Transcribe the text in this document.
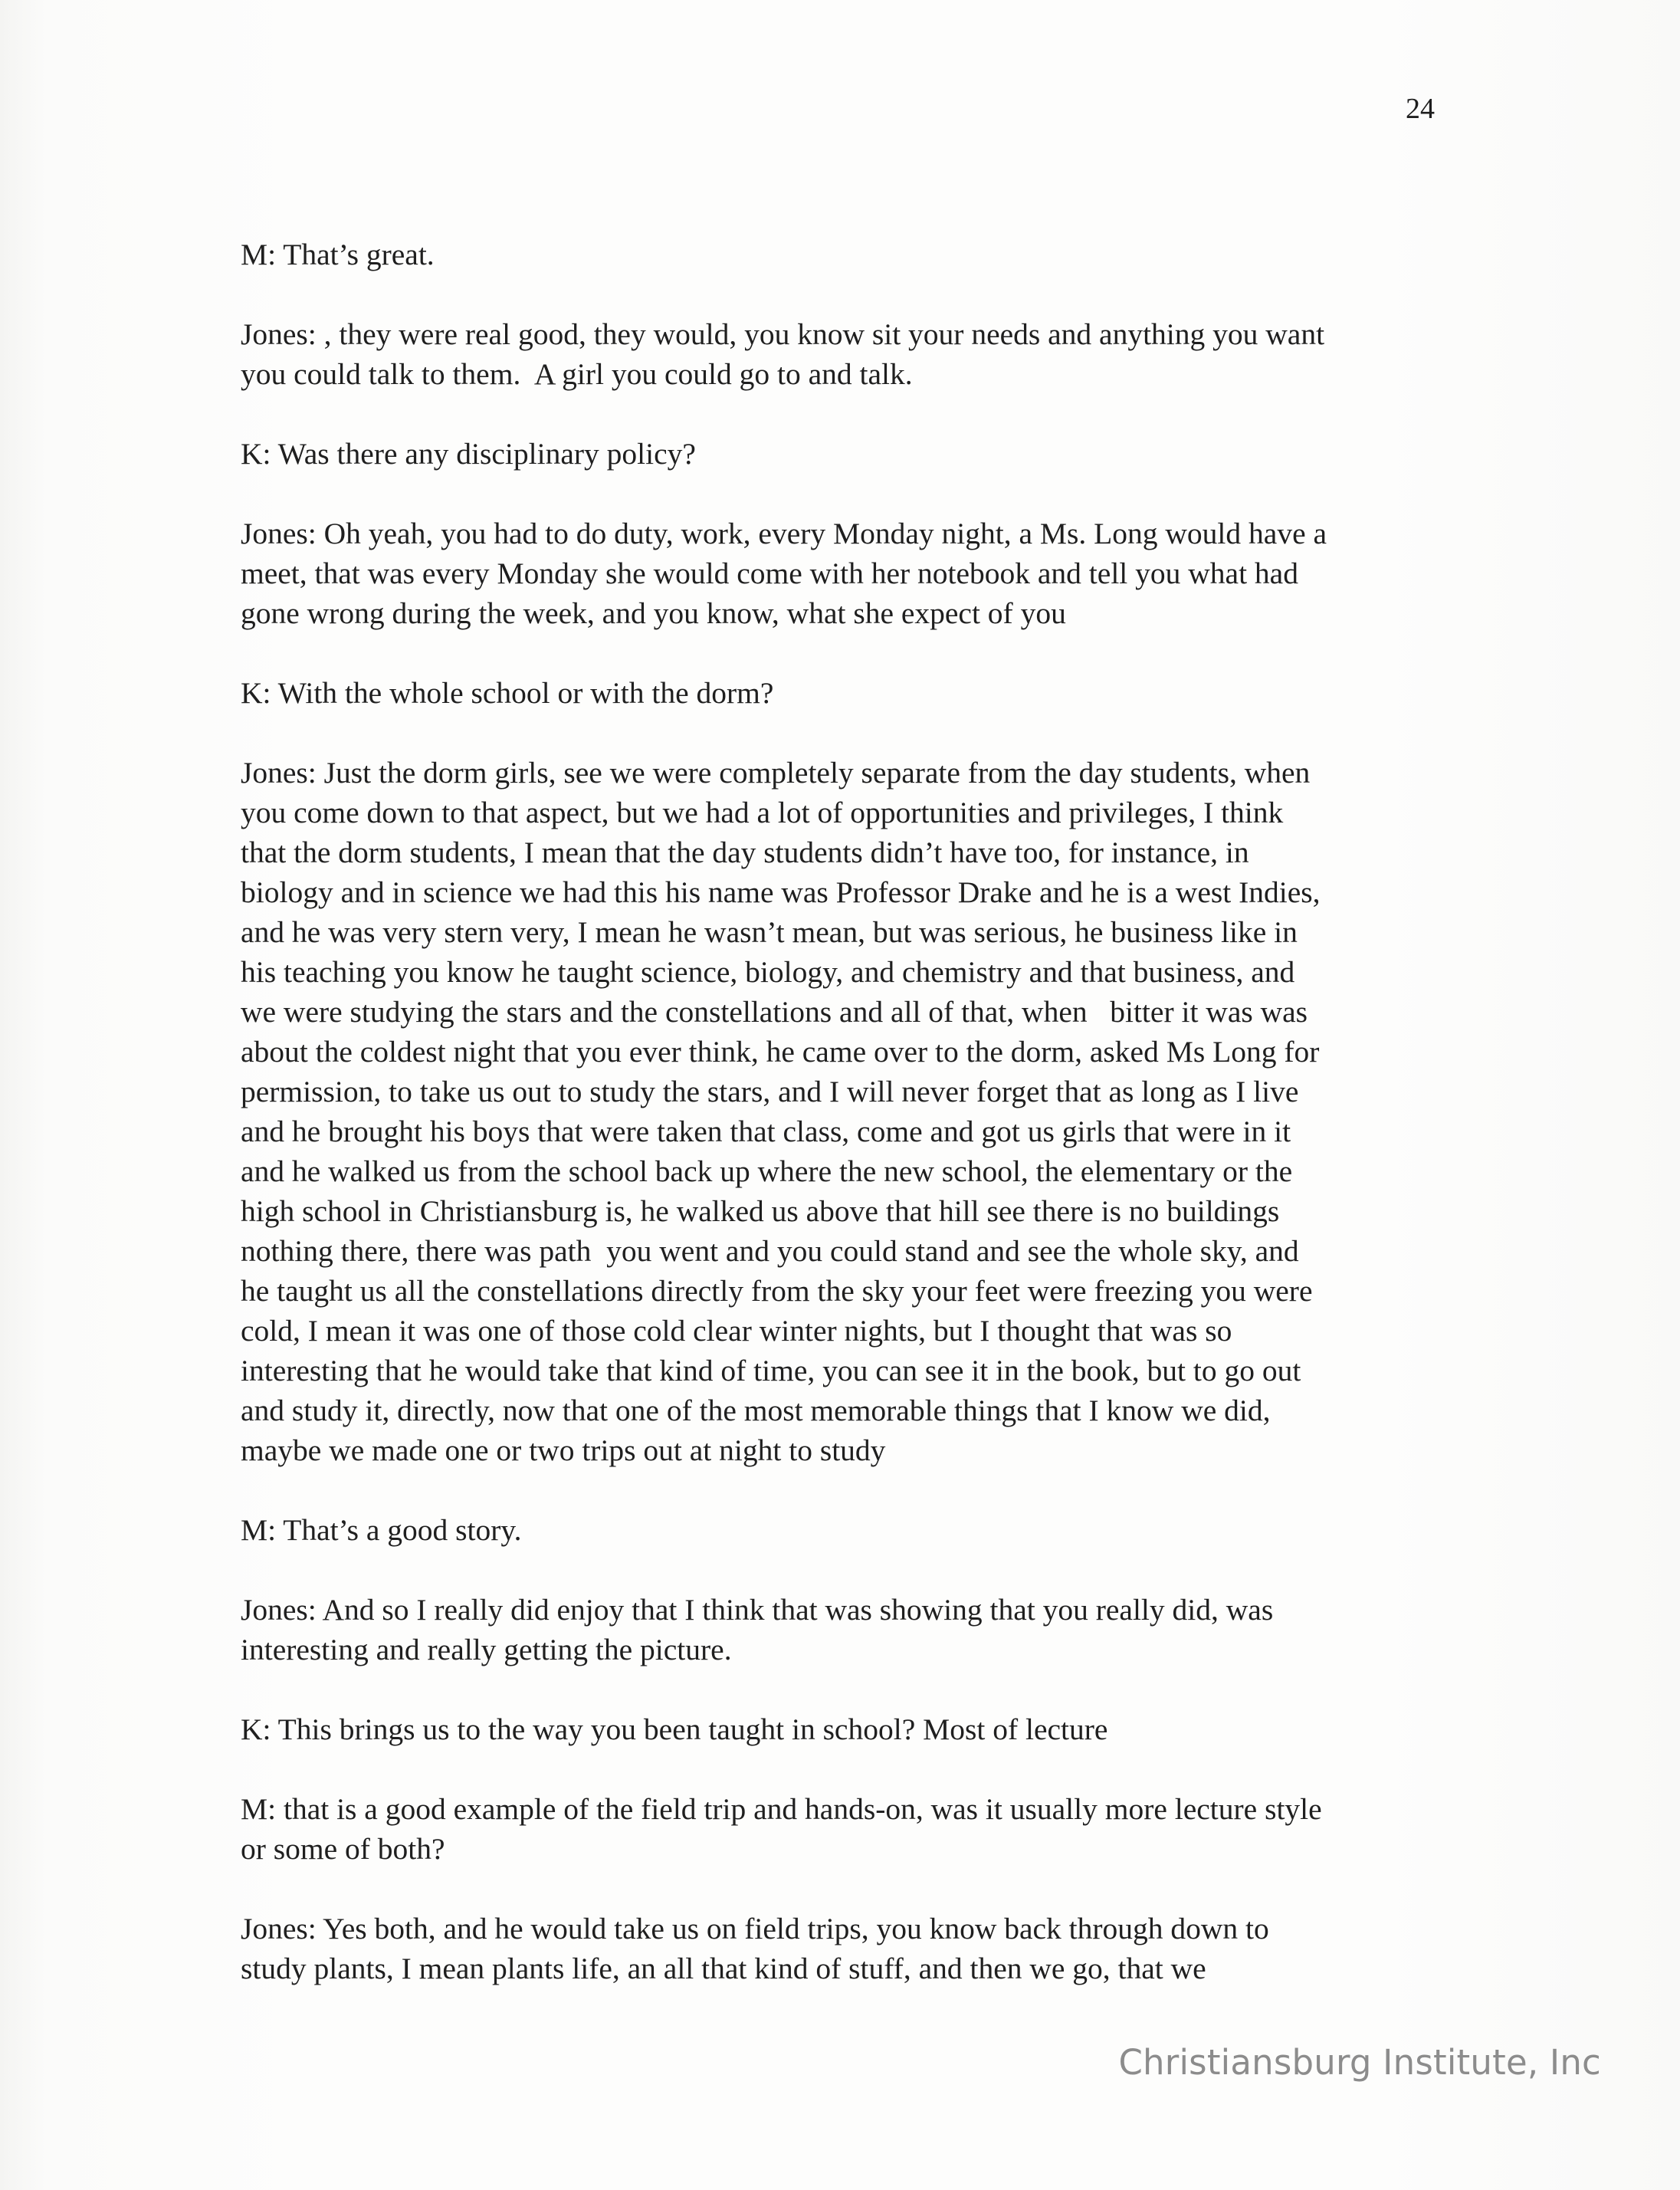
24
M: That’s great.
Jones: , they were real good, they would, you know sit your needs and anything you want
you could talk to them.  A girl you could go to and talk.
K: Was there any disciplinary policy?
Jones: Oh yeah, you had to do duty, work, every Monday night, a Ms. Long would have a
meet, that was every Monday she would come with her notebook and tell you what had
gone wrong during the week, and you know, what she expect of you
K: With the whole school or with the dorm?
Jones: Just the dorm girls, see we were completely separate from the day students, when
you come down to that aspect, but we had a lot of opportunities and privileges, I think
that the dorm students, I mean that the day students didn’t have too, for instance, in
biology and in science we had this his name was Professor Drake and he is a west Indies,
and he was very stern very, I mean he wasn’t mean, but was serious, he business like in
his teaching you know he taught science, biology, and chemistry and that business, and
we were studying the stars and the constellations and all of that, when   bitter it was was
about the coldest night that you ever think, he came over to the dorm, asked Ms Long for
permission, to take us out to study the stars, and I will never forget that as long as I live
and he brought his boys that were taken that class, come and got us girls that were in it
and he walked us from the school back up where the new school, the elementary or the
high school in Christiansburg is, he walked us above that hill see there is no buildings
nothing there, there was path  you went and you could stand and see the whole sky, and
he taught us all the constellations directly from the sky your feet were freezing you were
cold, I mean it was one of those cold clear winter nights, but I thought that was so
interesting that he would take that kind of time, you can see it in the book, but to go out
and study it, directly, now that one of the most memorable things that I know we did,
maybe we made one or two trips out at night to study
M: That’s a good story.
Jones: And so I really did enjoy that I think that was showing that you really did, was
interesting and really getting the picture.
K: This brings us to the way you been taught in school? Most of lecture
M: that is a good example of the field trip and hands-on, was it usually more lecture style
or some of both?
Jones: Yes both, and he would take us on field trips, you know back through down to
study plants, I mean plants life, an all that kind of stuff, and then we go, that we
Christiansburg Institute, Inc
